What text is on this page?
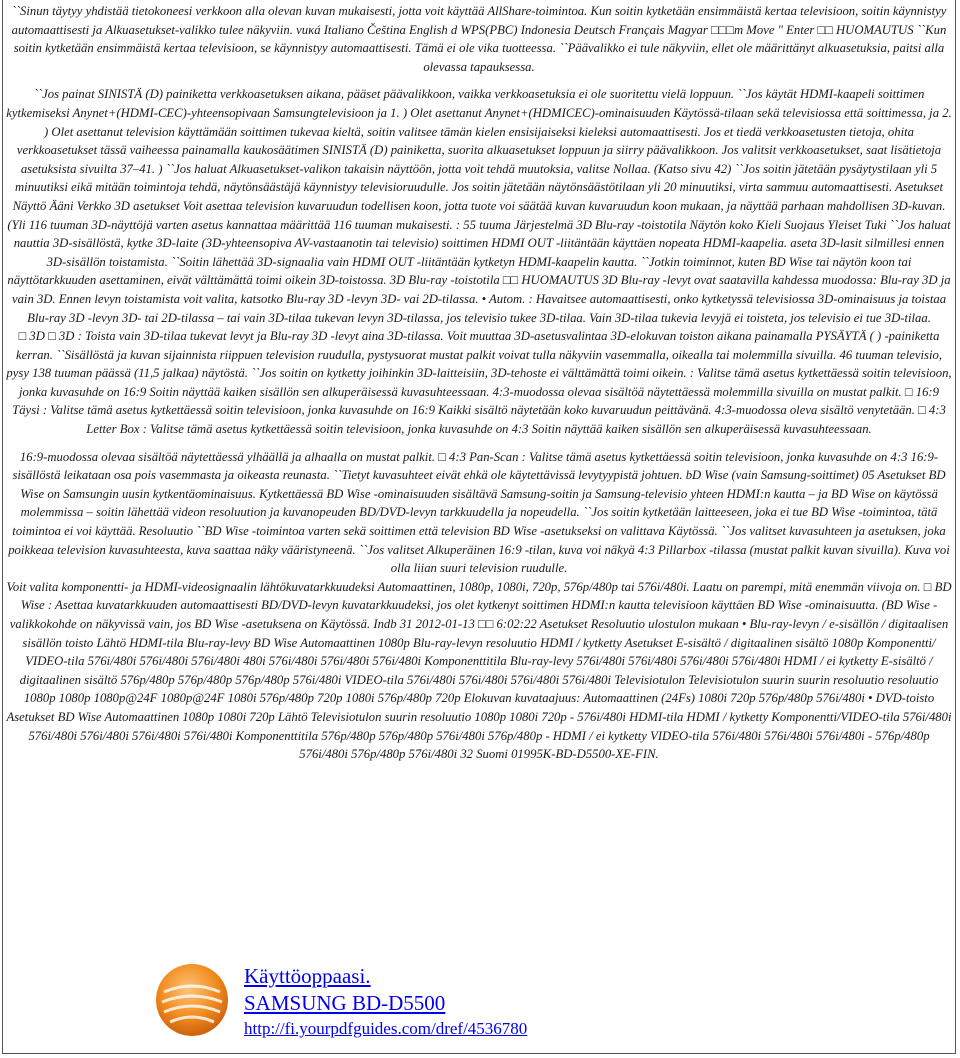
``Sinun täytyy yhdistää tietokoneesi verkkoon alla olevan kuvan mukaisesti, jotta voit käyttää AllShare-toimintoa. Kun soitin kytketään ensimmäistä kertaa televisioon, soitin käynnistyy automaattisesti ja Alkuasetukset-valikko tulee näkyviin. vuκá Italiano Čeština English d WPS(PBC) Indonesia Deutsch Français Magyar □□□m Move " Enter □□ HUOMAUTUS ``Kun soitin kytketään ensimmäistä kertaa televisioon, se käynnistyy automaattisesti. Tämä ei ole vika tuotteessa. ``Päävalikko ei tule näkyviin, ellet ole määrittänyt alkuasetuksia, paitsi alla olevassa tapauksessa.

``Jos painat SINISTÄ (D) painiketta verkkoasetuksen aikana, pääset päävalikkoon, vaikka verkkoasetuksia ei ole suoritettu vielä loppuun. ``Jos käytät HDMI-kaapeli soittimen kytkemiseksi Anynet+(HDMI-CEC)-yhteensopivaan Samsungtelevisioon ja 1. ) Olet asettanut Anynet+(HDMICEC)-ominaisuuden Käytössä-tilaan sekä televisiossa että soittimessa, ja 2. ) Olet asettanut television käyttämään soittimen tukevaa kieltä, soitin valitsee tämän kielen ensisijaiseksi kieleksi automaattisesti. Jos et tiedä verkkoasetusten tietoja, ohita verkkoasetukset tässä vaiheessa painamalla kaukosäätimen SINISTÄ (D) painiketta, suorita alkuasetukset loppuun ja siirry päävalikkoon. Jos valitsit verkkoasetukset, saat lisätietoja asetuksista sivuilta 37–41. ) ``Jos haluat Alkuasetukset-valikon takaisin näyttöön, jotta voit tehdä muutoksia, valitse Nollaa. (Katso sivu 42) ``Jos soitin jätetään pysäytystilaan yli 5 minuutiksi eikä mitään toimintoja tehdä, näytönsäästäjä käynnistyy televisioruudulle. Jos soitin jätetään näytönsäästötilaan yli 20 minuutiksi, virta sammuu automaattisesti. Asetukset Näyttö Ääni Verkko 3D asetukset Voit asettaa television kuvaruudun todellisen koon, jotta tuote voi säätää kuvan kuvaruudun koon mukaan, ja näyttää parhaan mahdollisen 3D-kuvan.

(Yli 116 tuuman 3D-näyttöjä varten asetus kannattaa määrittää 116 tuuman mukaisesti. : 55 tuuma Järjestelmä 3D Blu-ray -toistotila Näytön koko Kieli Suojaus Yleiset Tuki ``Jos haluat nauttia 3D-sisällöstä, kytke 3D-laite (3D-yhteensopiva AV-vastaanotin tai televisio) soittimen HDMI OUT -liitäntään käyttäen nopeata HDMI-kaapelia. aseta 3D-lasit silmillesi ennen 3D-sisällön toistamista. ``Soitin lähettää 3D-signaalia vain HDMI OUT -liitäntään kytketyn HDMI-kaapelin kautta. ``Jotkin toiminnot, kuten BD Wise tai näytön koon tai näyttötarkkuuden asettaminen, eivät välttämättä toimi oikein 3D-toistossa. 3D Blu-ray -toistotila □□ HUOMAUTUS 3D Blu-ray -levyt ovat saatavilla kahdessa muodossa: Blu-ray 3D ja vain 3D. Ennen levyn toistamista voit valita, katsotko Blu-ray 3D -levyn 3D- vai 2D-tilassa. • Autom. : Havaitsee automaattisesti, onko kytketyssä televisiossa 3D-ominaisuus ja toistaa Blu-ray 3D -levyn 3D- tai 2D-tilassa – tai vain 3D-tilaa tukevan levyn 3D-tilassa, jos televisio tukee 3D-tilaa. Vain 3D-tilaa tukevia levyjä ei toisteta, jos televisio ei tue 3D-tilaa.

□ 3D □ 3D : Toista vain 3D-tilaa tukevat levyt ja Blu-ray 3D -levyt aina 3D-tilassa. Voit muuttaa 3D-asetusvalintaa 3D-elokuvan toiston aikana painamalla PYSÄYTÄ ( ) -painiketta kerran. ``Sisällöstä ja kuvan sijainnista riippuen television ruudulla, pystysuorat mustat palkit voivat tulla näkyviin vasemmalla, oikealla tai molemmilla sivuilla. 46 tuuman televisio, pysy 138 tuuman päässä (11,5 jalkaa) näytöstä. ``Jos soitin on kytketty joihinkin 3D-laitteisiin, 3D-tehoste ei välttämättä toimi oikein. : Valitse tämä asetus kytkettäessä soitin televisioon, jonka kuvasuhde on 16:9 Soitin näyttää kaiken sisällön sen alkuperäisessä kuvasuhteessaan. 4:3-muodossa olevaa sisältöä näytettäessä molemmilla sivuilla on mustat palkit. □ 16:9 Täysi : Valitse tämä asetus kytkettäessä soitin televisioon, jonka kuvasuhde on 16:9 Kaikki sisältö näytetään koko kuvaruudun peittävänä. 4:3-muodossa oleva sisältö venytetään. □ 4:3 Letter Box : Valitse tämä asetus kytkettäessä soitin televisioon, jonka kuvasuhde on 4:3 Soitin näyttää kaiken sisällön sen alkuperäisessä kuvasuhteessaan.

16:9-muodossa olevaa sisältöä näytettäessä ylhäällä ja alhaalla on mustat palkit. □ 4:3 Pan-Scan : Valitse tämä asetus kytkettäessä soitin televisioon, jonka kuvasuhde on 4:3 16:9-sisällöstä leikataan osa pois vasemmasta ja oikeasta reunasta. ``Tietyt kuvasuhteet eivät ehkä ole käytettävissä levytyypistä johtuen. bD Wise (vain Samsung-soittimet) 05 Asetukset BD Wise on Samsungin uusin kytkentäominaisuus. Kytkettäessä BD Wise -ominaisuuden sisältävä Samsung-soitin ja Samsung-televisio yhteen HDMI:n kautta – ja BD Wise on käytössä molemmissa – soitin lähettää videon resoluution ja kuvanopeuden BD/DVD-levyn tarkkuudella ja nopeudella. ``Jos soitin kytketään laitteeseen, joka ei tue BD Wise -toimintoa, tätä toimintoa ei voi käyttää. Resoluutio ``BD Wise -toimintoa varten sekä soittimen että television BD Wise -asetukseksi on valittava Käytössä. ``Jos valitset kuvasuhteen ja asetuksen, joka poikkeaa television kuvasuhteesta, kuva saattaa näky vääristyneenä. ``Jos valitset Alkuperäinen 16:9 -tilan, kuva voi näkyä 4:3 Pillarbox -tilassa (mustat palkit kuvan sivuilla). Kuva voi olla liian suuri television ruudulle.

Voit valita komponentti- ja HDMI-videosignaalin lähtökuvatarkkuudeksi Automaattinen, 1080p, 1080i, 720p, 576p/480p tai 576i/480i. Laatu on parempi, mitä enemmän viivoja on. □ BD Wise : Asettaa kuvatarkkuuden automaattisesti BD/DVD-levyn kuvatarkkuudeksi, jos olet kytkenyt soittimen HDMI:n kautta televisioon käyttäen BD Wise -ominaisuutta. (BD Wise -valikkokohde on näkyvissä vain, jos BD Wise -asetuksena on Käytössä. Indb 31 2012-01-13 □□ 6:02:22 Asetukset Resoluutio ulostulon mukaan • Blu-ray-levyn / e-sisällön / digitaalisen sisällön toisto Lähtö HDMI-tila Blu-ray-levy BD Wise Automaattinen 1080p Blu-ray-levyn resoluutio HDMI / kytketty Asetukset E-sisältö / digitaalinen sisältö 1080p Komponentti/ VIDEO-tila 576i/480i 576i/480i 576i/480i 480i 576i/480i 576i/480i 576i/480i Komponenttitila Blu-ray-levy 576i/480i 576i/480i 576i/480i 576i/480i HDMI / ei kytketty E-sisältö / digitaalinen sisältö 576p/480p 576p/480p 576p/480p 576i/480i VIDEO-tila 576i/480i 576i/480i 576i/480i 576i/480i Televisiotulon Televisiotulon suurin suurin resoluutio resoluutio 1080p 1080p 1080p@24F 1080p@24F 1080i 576p/480p 720p 1080i 576p/480p 720p Elokuvan kuvataajuus: Automaattinen (24Fs) 1080i 720p 576p/480p 576i/480i • DVD-toisto Asetukset BD Wise Automaattinen 1080p 1080i 720p Lähtö Televisiotulon suurin resoluutio 1080p 1080i 720p - 576i/480i HDMI-tila HDMI / kytketty Komponentti/VIDEO-tila 576i/480i 576i/480i 576i/480i 576i/480i 576i/480i Komponenttitila 576p/480p 576p/480p 576i/480i 576p/480p - HDMI / ei kytketty VIDEO-tila 576i/480i 576i/480i 576i/480i - 576p/480p 576i/480i 576p/480p 576i/480i 32 Suomi 01995K-BD-D5500-XE-FIN.

Käyttöoppaasi.
SAMSUNG BD-D5500
http://fi.yourpdfguides.com/dref/4536780
